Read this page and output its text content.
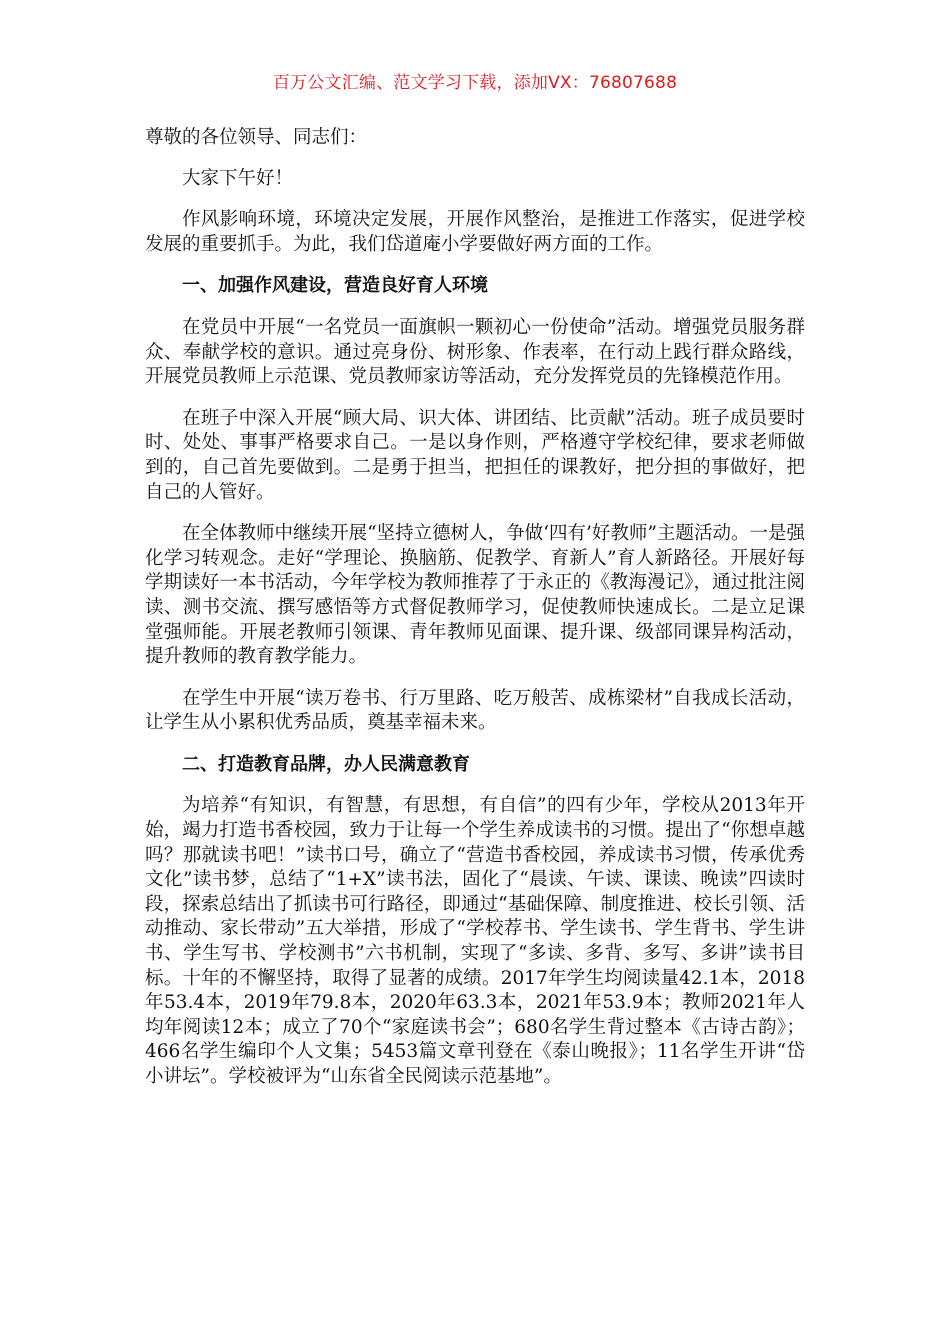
百万公文汇编、范文学习下载，添加VX：76807688

尊敬的各位领导、同志们：

大家下午好！

作风影响环境，环境决定发展，开展作风整治，是推进工作落实，促进学校发展的重要抓手。为此，我们岱道庵小学要做好两方面的工作。

一、加强作风建设，营造良好育人环境

在党员中开展“一名党员一面旗帜一颗初心一份使命”活动。增强党员服务群众、奉献学校的意识。通过亮身份、树形象、作表率，在行动上践行群众路线，开展党员教师上示范课、党员教师家访等活动，充分发挥党员的先锋模范作用。

在班子中深入开展“顾大局、识大体、讲团结、比贡献”活动。班子成员要时时、处处、事事严格要求自己。一是以身作则，严格遵守学校纪律，要求老师做到的，自己首先要做到。二是勇于担当，把担任的课教好，把分担的事做好，把自己的人管好。

在全体教师中继续开展“坚持立德树人，争做‘四有’好教师”主题活动。一是强化学习转观念。走好“学理论、换脑筋、促教学、育新人”育人新路径。开展好每学期读好一本书活动，今年学校为教师推荐了于永正的《教海漫记》，通过批注阅读、测书交流、撰写感悟等方式督促教师学习，促使教师快速成长。二是立足课堂强师能。开展老教师引领课、青年教师见面课、提升课、级部同课异构活动，提升教师的教育教学能力。

在学生中开展“读万卷书、行万里路、吃万般苦、成栋梁材”自我成长活动，让学生从小累积优秀品质，奠基幸福未来。

二、打造教育品牌，办人民满意教育

为培养“有知识，有智慧，有思想，有自信”的四有少年，学校从2013年开始，竭力打造书香校园，致力于让每一个学生养成读书的习惯。提出了“你想卓越吗？那就读书吧！”读书口号，确立了“营造书香校园，养成读书习惯，传承优秀文化”读书梦，总结了“1+X”读书法，固化了“晨读、午读、课读、晚读”四读时段，探索总结出了抓读书可行路径，即通过“基础保障、制度推进、校长引领、活动推动、家长带动”五大举措，形成了“学校荐书、学生读书、学生背书、学生讲书、学生写书、学校测书”六书机制，实现了“多读、多背、多写、多讲”读书目标。十年的不懈坚持，取得了显著的成绩。2017年学生均阅读量42.1本，2018年53.4本，2019年79.8本，2020年63.3本，2021年53.9本；教师2021年人均年阅读12本；成立了70个“家庭读书会”；680名学生背过整本《古诗古韵》；466名学生编印个人文集；5453篇文章刊登在《泰山晚报》；11名学生开讲“岱小讲坛”。学校被评为“山东省全民阅读示范基地”。
